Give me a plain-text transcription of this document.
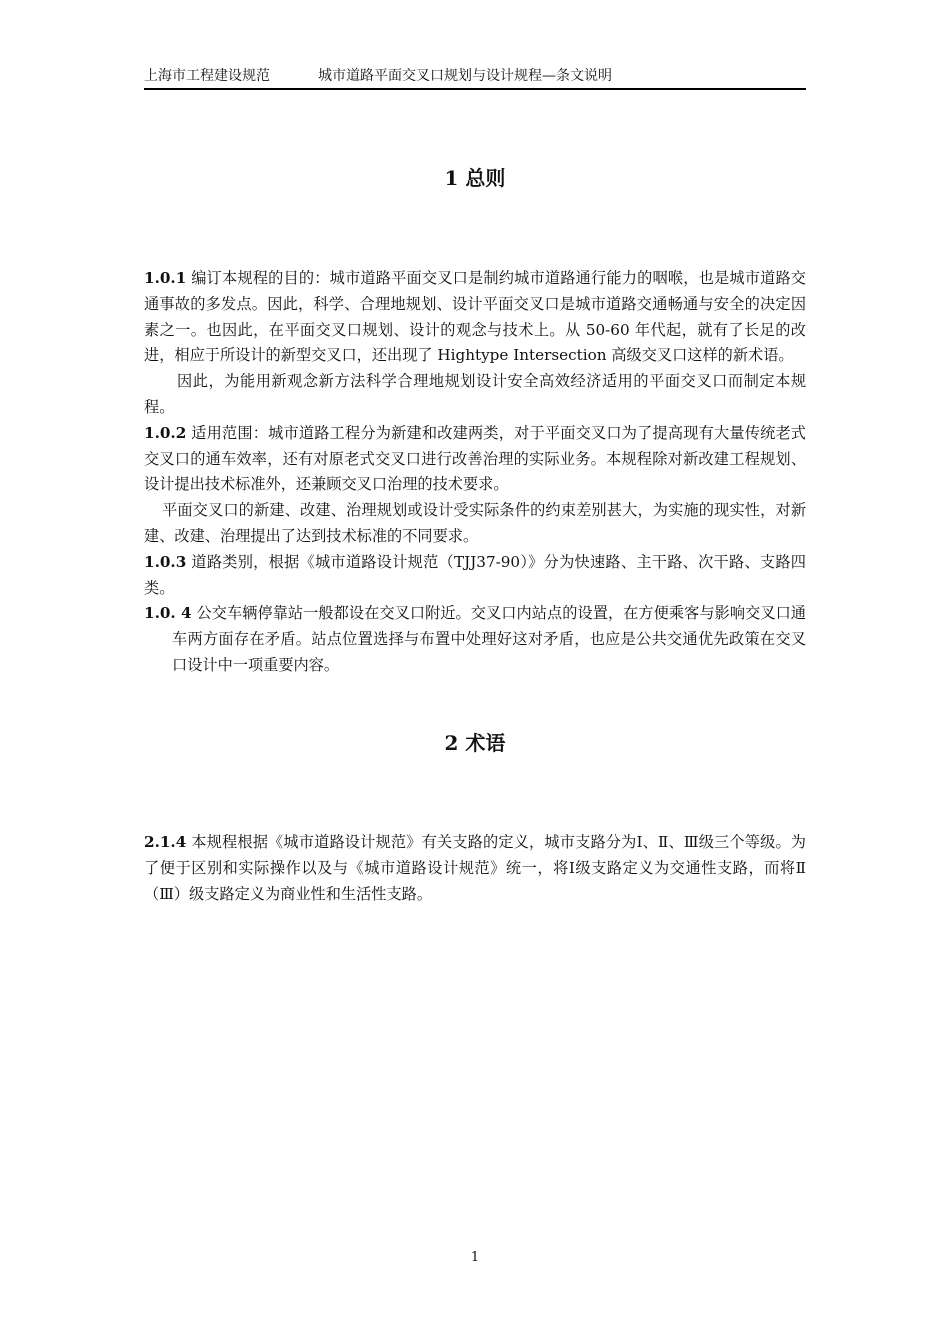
上海市工程建设规范	城市道路平面交叉口规划与设计规程—条文说明
1 总则

1.0.1 编订本规程的目的：城市道路平面交叉口是制约城市道路通行能力的咽喉，也是城市道路交通事故的多发点。因此，科学、合理地规划、设计平面交叉口是城市道路交通畅通与安全的决定因素之一。也因此，在平面交叉口规划、设计的观念与技术上。从 50-60 年代起，就有了长足的改进，相应于所设计的新型交叉口，还出现了 Hightype Intersection 高级交叉口这样的新术语。

因此，为能用新观念新方法科学合理地规划设计安全高效经济适用的平面交叉口而制定本规程。

1.0.2 适用范围：城市道路工程分为新建和改建两类，对于平面交叉口为了提高现有大量传统老式交叉口的通车效率，还有对原老式交叉口进行改善治理的实际业务。本规程除对新改建工程规划、设计提出技术标准外，还兼顾交叉口治理的技术要求。

平面交叉口的新建、改建、治理规划或设计受实际条件的约束差别甚大，为实施的现实性，对新建、改建、治理提出了达到技术标准的不同要求。

1.0.3 道路类别，根据《城市道路设计规范（TJJ37-90）》分为快速路、主干路、次干路、支路四类。

1.0. 4 公交车辆停靠站一般都设在交叉口附近。交叉口内站点的设置，在方便乘客与影响交叉口通车两方面存在矛盾。站点位置选择与布置中处理好这对矛盾，也应是公共交通优先政策在交叉口设计中一项重要内容。

2 术语

2.1.4 本规程根据《城市道路设计规范》有关支路的定义，城市支路分为Ⅰ、Ⅱ、Ⅲ级三个等级。为了便于区别和实际操作以及与《城市道路设计规范》统一，将Ⅰ级支路定义为交通性支路，而将Ⅱ（Ⅲ）级支路定义为商业性和生活性支路。

1
